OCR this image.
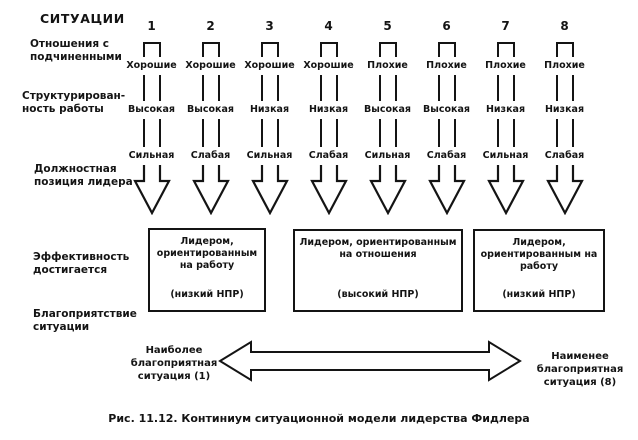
СИТУАЦИИ
Отношения с
подчиненными
Структурирован-
ность работы
Должностная
позиция лидера
Эффективность
достигается
Благоприятствие
ситуации
1
Хорошие
Высокая
Сильная
2
Хорошие
Высокая
Слабая
3
Хорошие
Низкая
Сильная
4
Хорошие
Низкая
Слабая
5
Плохие
Высокая
Сильная
6
Плохие
Высокая
Слабая
7
Плохие
Низкая
Сильная
8
Плохие
Низкая
Слабая
Лидером, ориентированным на работу
(низкий НПР)
Лидером, ориентированным на отношения
(высокий НПР)
Лидером, ориентированным на работу
(низкий НПР)
Наиболее
благоприятная
ситуация (1)
Наименее
благоприятная
ситуация (8)
Рис. 11.12. Континиум ситуационной модели лидерства Фидлера
